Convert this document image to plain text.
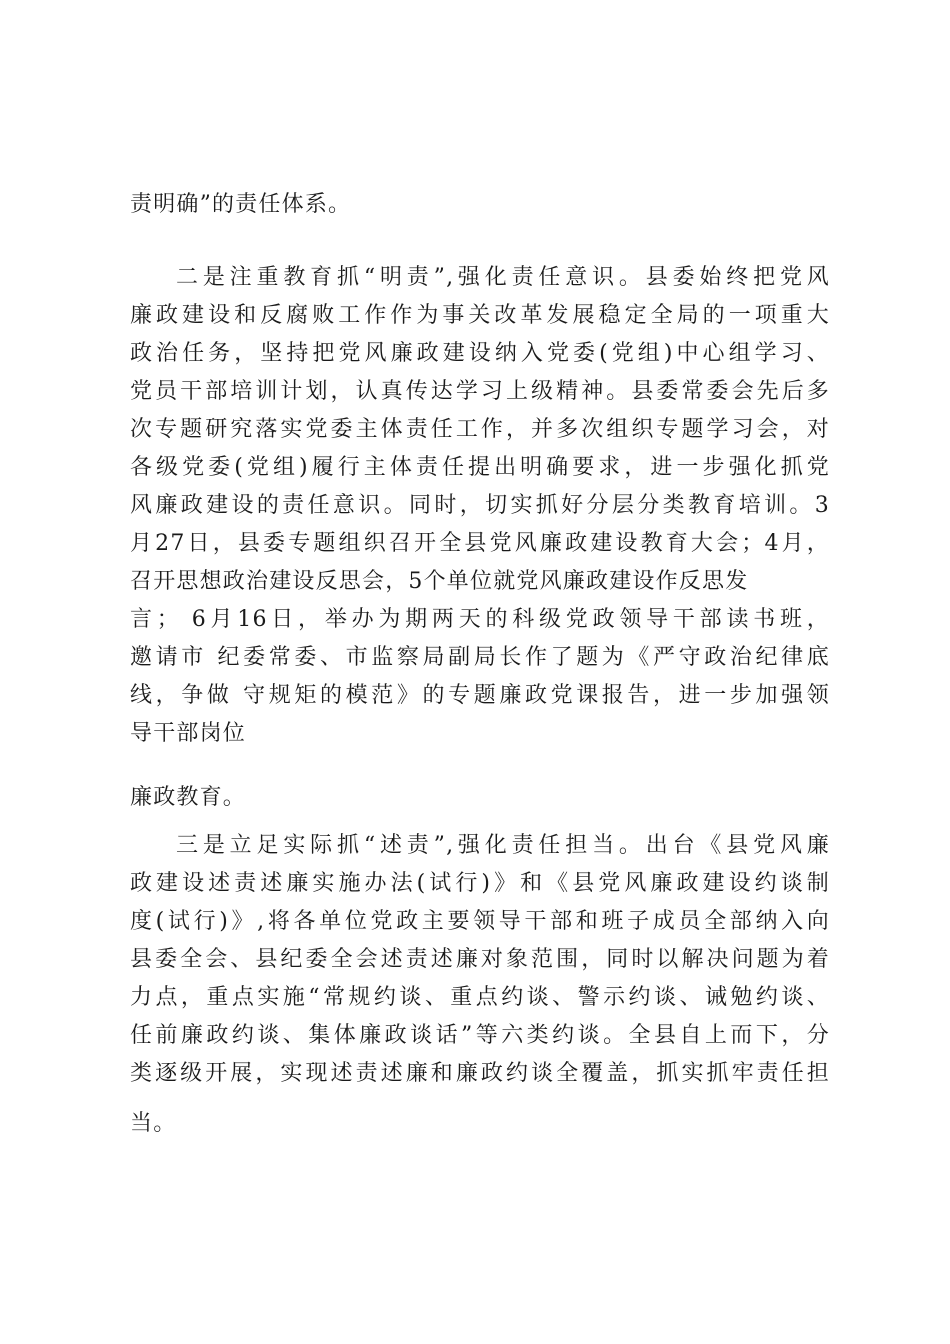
责明确”的责任体系。
二是注重教育抓“明责”,强化责任意识。县委始终把党风
廉政建设和反腐败工作作为事关改革发展稳定全局的一项重大
政治任务，坚持把党风廉政建设纳入党委(党组)中心组学习、
党员干部培训计划，认真传达学习上级精神。县委常委会先后多
次专题研究落实党委主体责任工作，并多次组织专题学习会，对
各级党委(党组)履行主体责任提出明确要求，进一步强化抓党
风廉政建设的责任意识。同时，切实抓好分层分类教育培训。3
月27日，县委专题组织召开全县党风廉政建设教育大会；4月，
召开思想政治建设反思会，5个单位就党风廉政建设作反思发
言； 6月16日，举办为期两天的科级党政领导干部读书班，
邀请市 纪委常委、市监察局副局长作了题为《严守政治纪律底
线，争做 守规矩的模范》的专题廉政党课报告，进一步加强领
导干部岗位
廉政教育。
三是立足实际抓“述责”,强化责任担当。出台《县党风廉
政建设述责述廉实施办法(试行)》和《县党风廉政建设约谈制
度(试行)》,将各单位党政主要领导干部和班子成员全部纳入向
县委全会、县纪委全会述责述廉对象范围，同时以解决问题为着
力点，重点实施“常规约谈、重点约谈、警示约谈、诫勉约谈、
任前廉政约谈、集体廉政谈话”等六类约谈。全县自上而下，分
类逐级开展，实现述责述廉和廉政约谈全覆盖，抓实抓牢责任担
当。
